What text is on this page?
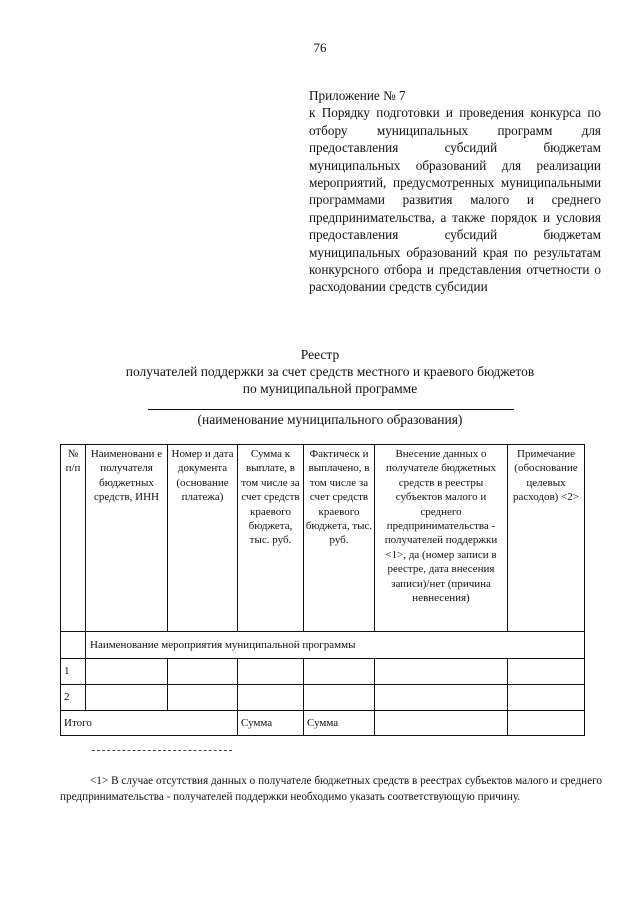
76

Приложение № 7

к Порядку подготовки и проведения конкурса по отбору муниципальных программ для предоставления субсидий бюджетам муниципальных образований для реализации мероприятий, предусмотренных муниципальными программами развития малого и среднего предпринимательства, а также порядок и условия предоставления субсидий бюджетам муниципальных образований края по результатам конкурсного отбора и представления отчетности о расходовании средств субсидии

Реестр
получателей поддержки за счет средств местного и краевого бюджетов по муниципальной программе
(наименование муниципального образования)
№ п/п	Наименовани е получателя бюджетных средств, ИНН	Номер и дата документа (основание платежа)	Сумма к выплате, в том числе за счет средств краевого бюджета, тыс. руб.	Фактическ и выплачено, в том числе за счет средств краевого бюджета, тыс. руб.	Внесение данных о получателе бюджетных средств в реестры субъектов малого и среднего предпринимательства - получателей поддержки <1>, да (номер записи в реестре, дата внесения записи)/нет (причина невнесения)	Примечание (обоснование целевых расходов) <2>
	Наименование мероприятия муниципальной программы					
1						
2						
Итого			Сумма	Сумма		
<1> В случае отсутствия данных о получателе бюджетных средств в реестрах субъектов малого и среднего предпринимательства - получателей поддержки необходимо указать соответствующую причину.
